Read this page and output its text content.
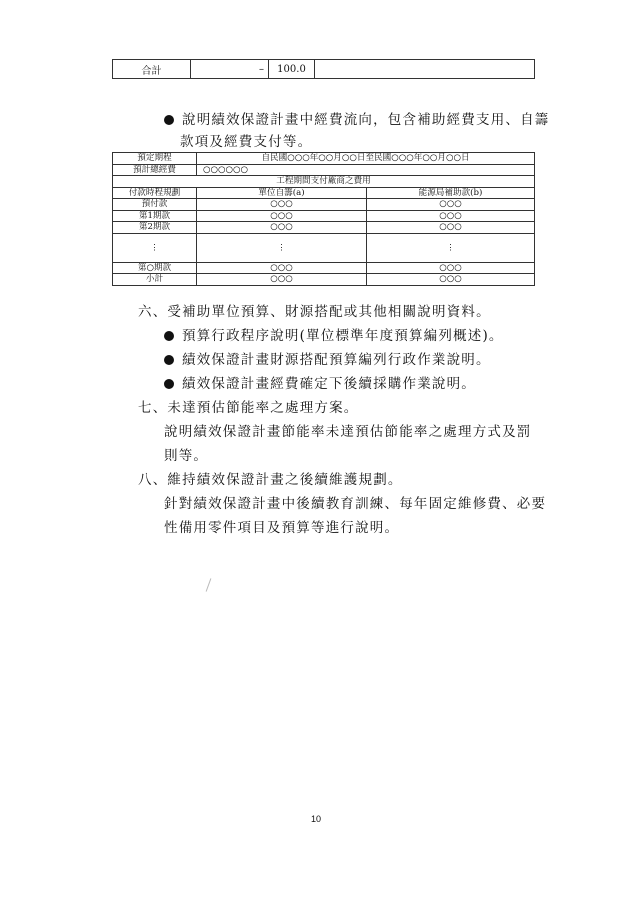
合計	–	100.0	
說明績效保證計畫中經費流向，包含補助經費支用、自籌
款項及經費支付等。
預定期程	自民國○○○年○○月○○日至民國○○○年○○月○○日	
預計總經費	○○○○○○	
工程期間支付廠商之費用		
付款時程規劃	單位自籌(a)	能源局補助款(b)
預付款	○○○	○○○
第1期款	○○○	○○○
第2期款	○○○	○○○
⋮	⋮	⋮
第○期款	○○○	○○○
小計	○○○	○○○
六、受補助單位預算、財源搭配或其他相關說明資料。
預算行政程序說明(單位標準年度預算編列概述)。
績效保證計畫財源搭配預算編列行政作業說明。
績效保證計畫經費確定下後續採購作業說明。
七、未達預估節能率之處理方案。
說明績效保證計畫節能率未達預估節能率之處理方式及罰
則等。
八、維持績效保證計畫之後續維護規劃。
針對績效保證計畫中後續教育訓練、每年固定維修費、必要
性備用零件項目及預算等進行說明。
10
